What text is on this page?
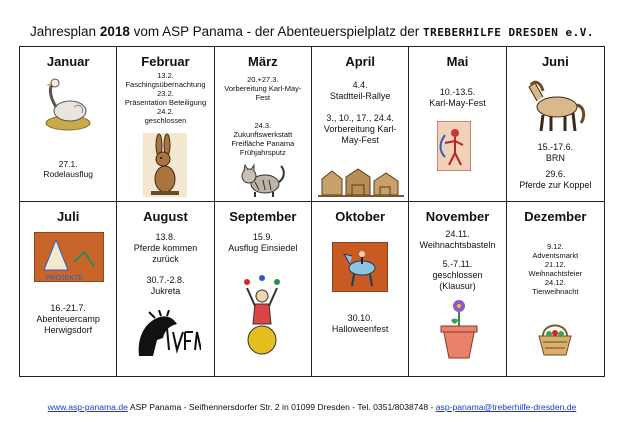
Jahresplan 2018 vom ASP Panama - der Abenteuerspielplatz der TREBERHILFE DRESDEN e.V.
Januar
27.1.
Rodelausflug
Februar
13.2.
Faschingsübernachtung
23.2.
Präsentation Beteiligung
24.2.
geschlossen
März
20.+27.3.
Vorbereitung Karl-May-
Fest
24.3.
Zukunftswerkstatt
Freifläche Panama
Frühjahrsputz
April
4.4.
Stadtteil-Rallye
3., 10., 17., 24.4.
Vorbereitung Karl-
May-Fest
Mai
10.-13.5.
Karl-May-Fest
Juni
15.-17.6.
BRN
29.6.
Pferde zur Koppel
Juli
PROJEKTE
16.-21.7.
Abenteuercamp
Herwigsdorf
August
13.8.
Pferde kommen
zurück
30.7.-2.8.
Jukreta
September
15.9.
Ausflug Einsiedel
Oktober
30.10.
Halloweenfest
November
24.11.
Weihnachtsbasteln
5.-7.11.
geschlossen
(Klausur)
Dezember
9.12.
Adventsmarkt
21.12.
Weihnachtsfeier
24.12.
Tierweihnacht
www.asp-panama.de ASP Panama - Seifhennersdorfer Str. 2 in 01099 Dresden - Tel. 0351/8038748 - asp-panama@treberhilfe-dresden.de
